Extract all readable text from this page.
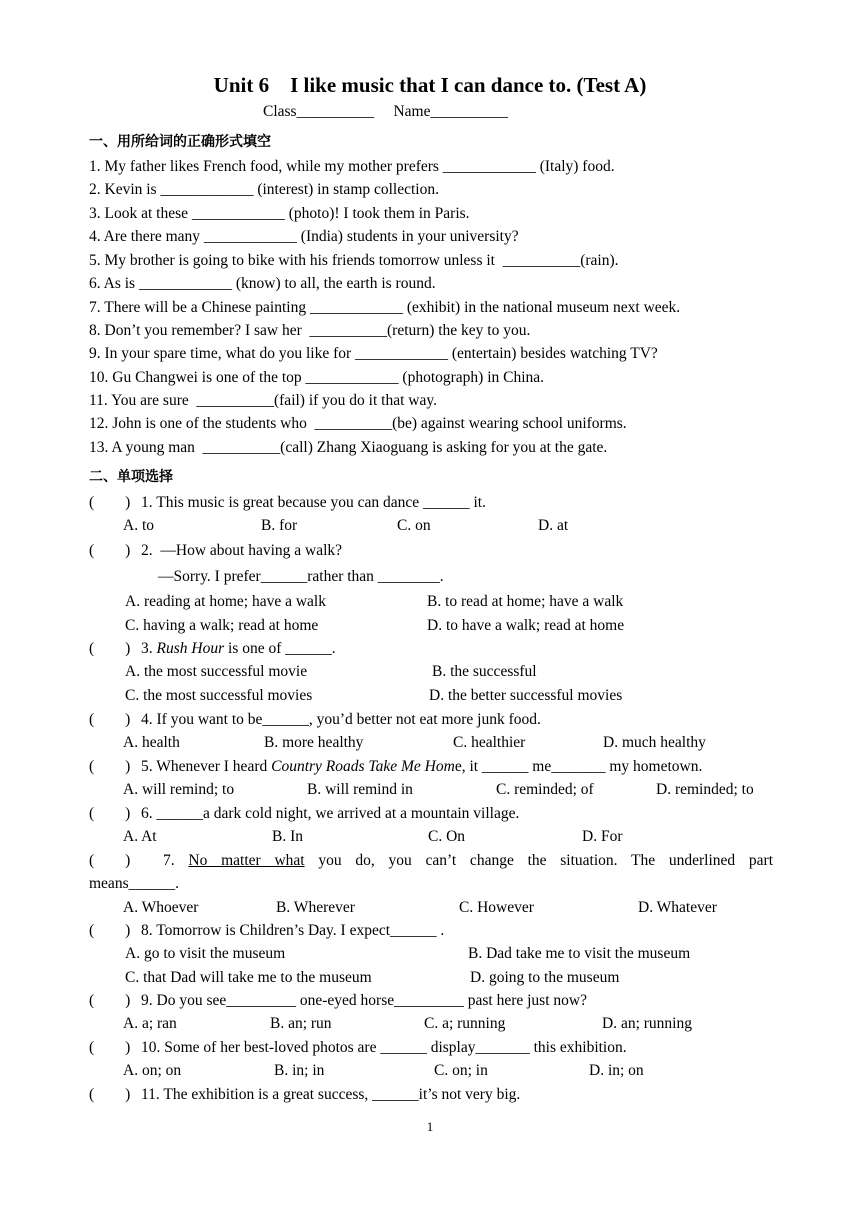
Unit 6    I like music that I can dance to. (Test A)
Class__________     Name__________
一、用所给词的正确形式填空
1. My father likes French food, while my mother prefers ____________ (Italy) food.
2. Kevin is ____________ (interest) in stamp collection.
3. Look at these ____________ (photo)! I took them in Paris.
4. Are there many ____________ (India) students in your university?
5. My brother is going to bike with his friends tomorrow unless it  __________(rain).
6. As is ____________ (know) to all, the earth is round.
7. There will be a Chinese painting ____________ (exhibit) in the national museum next week.
8. Don’t you remember? I saw her  __________(return) the key to you.
9. In your spare time, what do you like for ____________ (entertain) besides watching TV?
10. Gu Changwei is one of the top ____________ (photograph) in China.
11. You are sure  __________(fail) if you do it that way.
12. John is one of the students who  __________(be) against wearing school uniforms.
13. A young man  __________(call) Zhang Xiaoguang is asking for you at the gate.
二、单项选择
(        ) 1. This music is great because you can dance ______ it.
A. to	B. for	C. on	D. at
(        ) 2.  —How about having a walk?
—Sorry. I prefer______rather than ________.
A. reading at home; have a walk	B. to read at home; have a walk
C. having a walk; read at home	D. to have a walk; read at home
(        ) 3. Rush Hour is one of ______.
A. the most successful movie	B. the successful
C. the most successful movies	D. the better successful movies
(        ) 4. If you want to be______, you’d better not eat more junk food.
A. health	B. more healthy	C. healthier	D. much healthy
(        ) 5. Whenever I heard Country Roads Take Me Home, it ______ me_______ my hometown.
A. will remind; to	B. will remind in	C. reminded; of	D. reminded; to
(        ) 6. ______a dark cold night, we arrived at a mountain village.
A. At	B. In	C. On	D. For
(        ) 7. No matter what you do, you can’t change the situation. The underlined part
means______.
A. Whoever	B. Wherever	C. However	D. Whatever
(        ) 8. Tomorrow is Children’s Day. I expect______ .
A. go to visit the museum	B. Dad take me to visit the museum
C. that Dad will take me to the museum	D. going to the museum
(        ) 9. Do you see_________ one-eyed horse_________ past here just now?
A. a; ran	B. an; run	C. a; running	D. an; running
(        ) 10. Some of her best-loved photos are ______ display_______ this exhibition.
A. on; on	B. in; in	C. on; in	D. in; on
(        ) 11. The exhibition is a great success, ______it’s not very big.
1
